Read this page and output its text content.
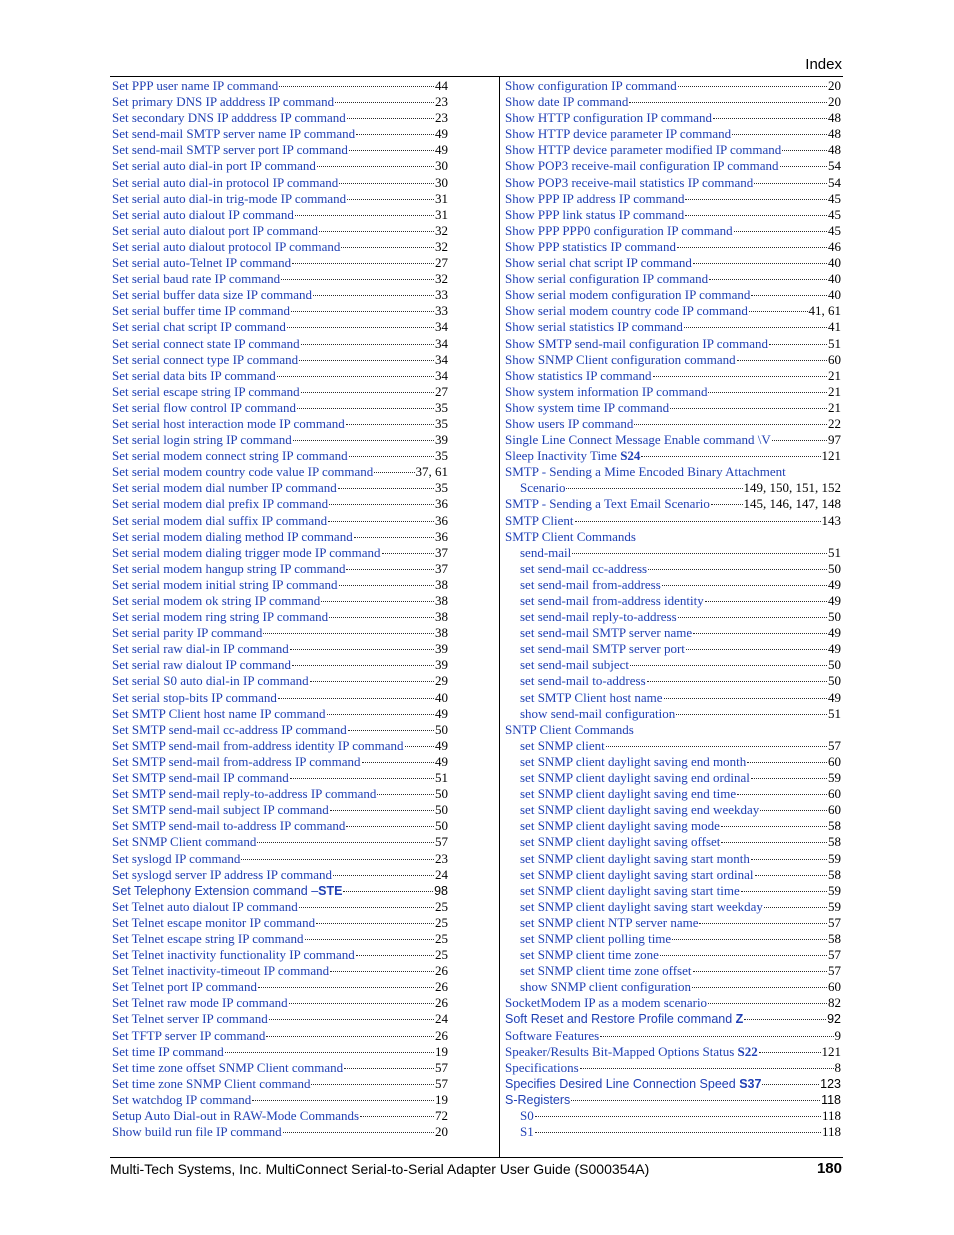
Index
Set PPP user name IP command	44
Set primary DNS IP adddress IP command	23
Set secondary DNS IP adddress IP command	23
Set send-mail SMTP server name IP command	49
Set send-mail SMTP server port IP command	49
Set serial auto dial-in port IP command	30
Set serial auto dial-in protocol IP command	30
Set serial auto dial-in trig-mode IP command	31
Set serial auto dialout IP command	31
Set serial auto dialout port IP command	32
Set serial auto dialout protocol IP command	32
Set serial auto-Telnet IP command	27
Set serial baud rate IP command	32
Set serial buffer data size IP command	33
Set serial buffer time IP command	33
Set serial chat script IP command	34
Set serial connect state IP command	34
Set serial connect type IP command	34
Set serial data bits IP command	34
Set serial escape string IP command	27
Set serial flow control IP command	35
Set serial host interaction mode IP command	35
Set serial login string IP command	39
Set serial modem connect string IP command	35
Set serial modem country code value IP command	37, 61
Set serial modem dial number IP command	35
Set serial modem dial prefix IP command	36
Set serial modem dial suffix IP command	36
Set serial modem dialing method IP command	36
Set serial modem dialing trigger mode IP command	37
Set serial modem hangup string IP command	37
Set serial modem initial string IP command	38
Set serial modem ok string IP command	38
Set serial modem ring string IP command	38
Set serial parity IP command	38
Set serial raw dial-in IP command	39
Set serial raw dialout IP command	39
Set serial S0 auto dial-in IP command	29
Set serial stop-bits IP command	40
Set SMTP Client host name IP command	49
Set SMTP send-mail cc-address IP command	50
Set SMTP send-mail from-address identity IP command 49
Set SMTP send-mail from-address IP command	49
Set SMTP send-mail IP command	51
Set SMTP send-mail reply-to-address IP command	50
Set SMTP send-mail subject IP command	50
Set SMTP send-mail to-address IP command	50
Set SNMP Client command	57
Set syslogd IP command	23
Set syslogd server IP address IP command	24
Set Telephony Extension command –STE	98
Set Telnet auto dialout IP command	25
Set Telnet escape monitor IP command	25
Set Telnet escape string IP command	25
Set Telnet inactivity functionality IP command	25
Set Telnet inactivity-timeout IP command	26
Set Telnet port IP command	26
Set Telnet raw mode IP command	26
Set Telnet server IP command	24
Set TFTP server IP command	26
Set time IP command	19
Set time zone offset SNMP Client command	57
Set time zone SNMP Client command	57
Set watchdog IP command	19
Setup Auto Dial-out in RAW-Mode Commands	72
Show build run file IP command	20
Show configuration IP command	20
Show date IP command	20
Show HTTP configuration IP command	48
Show HTTP device parameter IP command	48
Show HTTP device parameter modified IP command	48
Show POP3 receive-mail configuration IP command	54
Show POP3 receive-mail statistics IP command	54
Show PPP IP address IP command	45
Show PPP link status IP command	45
Show PPP PPP0 configuration IP command	45
Show PPP statistics IP command	46
Show serial chat script IP command	40
Show serial configuration IP command	40
Show serial modem configuration IP command	40
Show serial modem country code IP command	41, 61
Show serial statistics IP command	41
Show SMTP send-mail configuration IP command	51
Show SNMP Client configuration command	60
Show statistics IP command	21
Show system information IP command	21
Show system time IP command	21
Show users IP command	22
Single Line Connect Message Enable command \V	97
Sleep Inactivity Time S24	121
SMTP - Sending a Mime Encoded Binary Attachment
Scenario	149, 150, 151, 152
SMTP - Sending a Text Email Scenario	145, 146, 147, 148
SMTP Client	143
SMTP Client Commands
send-mail	51
set send-mail cc-address	50
set send-mail from-address	49
set send-mail from-address identity	49
set send-mail reply-to-address	50
set send-mail SMTP server name	49
set send-mail SMTP server port	49
set send-mail subject	50
set send-mail to-address	50
set SMTP Client host name	49
show send-mail configuration	51
SNTP Client Commands
set SNMP client	57
set SNMP client daylight saving end month	60
set SNMP client daylight saving end ordinal	59
set SNMP client daylight saving end time	60
set SNMP client daylight saving end weekday	60
set SNMP client daylight saving mode	58
set SNMP client daylight saving offset	58
set SNMP client daylight saving start month	59
set SNMP client daylight saving start ordinal	58
set SNMP client daylight saving start time	59
set SNMP client daylight saving start weekday	59
set SNMP client NTP server name	57
set SNMP client polling time	58
set SNMP client time zone	57
set SNMP client time zone offset	57
show SNMP client configuration	60
SocketModem IP as a modem scenario	82
Soft Reset and Restore Profile command Z	92
Software Features	9
Speaker/Results Bit-Mapped Options Status S22	121
Specifications	8
Specifies Desired Line Connection Speed S37	123
S-Registers	118
S0	118
S1	118
Multi-Tech Systems, Inc. MultiConnect Serial-to-Serial Adapter User Guide (S000354A)	180
